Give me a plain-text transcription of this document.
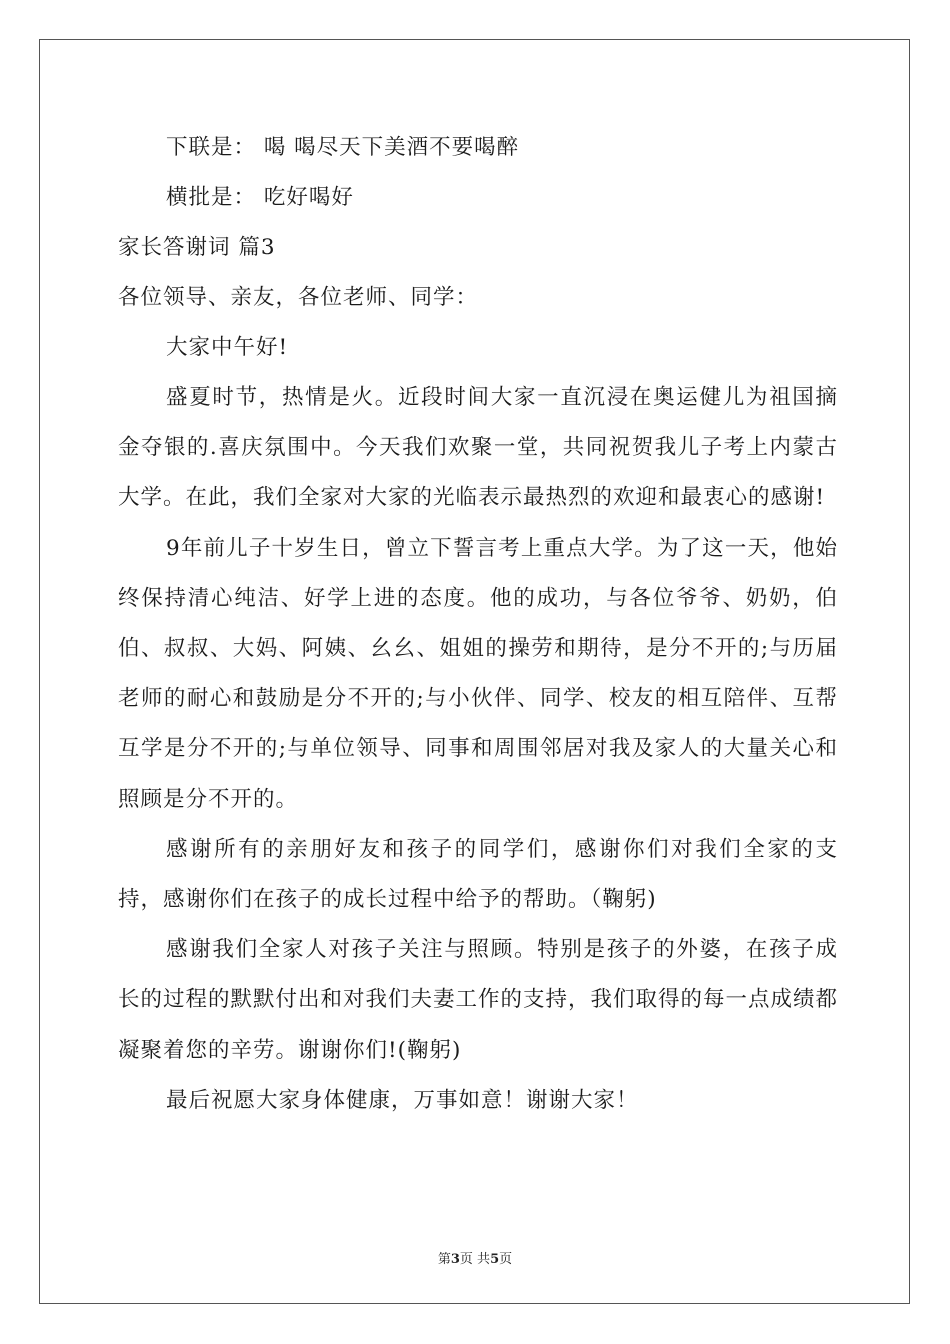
下联是： 喝 喝尽天下美酒不要喝醉
横批是： 吃好喝好
家长答谢词 篇3
各位领导、亲友，各位老师、同学：
大家中午好!
盛夏时节，热情是火。近段时间大家一直沉浸在奥运健儿为祖国摘金夺银的.喜庆氛围中。今天我们欢聚一堂，共同祝贺我儿子考上内蒙古大学。在此，我们全家对大家的光临表示最热烈的欢迎和最衷心的感谢!
9年前儿子十岁生日，曾立下誓言考上重点大学。为了这一天，他始终保持清心纯洁、好学上进的态度。他的成功，与各位爷爷、奶奶，伯伯、叔叔、大妈、阿姨、幺幺、姐姐的操劳和期待，是分不开的;与历届老师的耐心和鼓励是分不开的;与小伙伴、同学、校友的相互陪伴、互帮互学是分不开的;与单位领导、同事和周围邻居对我及家人的大量关心和照顾是分不开的。
感谢所有的亲朋好友和孩子的同学们，感谢你们对我们全家的支持，感谢你们在孩子的成长过程中给予的帮助。（鞠躬)
感谢我们全家人对孩子关注与照顾。特别是孩子的外婆，在孩子成长的过程的默默付出和对我们夫妻工作的支持，我们取得的每一点成绩都凝聚着您的辛劳。谢谢你们!(鞠躬)
最后祝愿大家身体健康，万事如意！谢谢大家！
第3页 共5页
